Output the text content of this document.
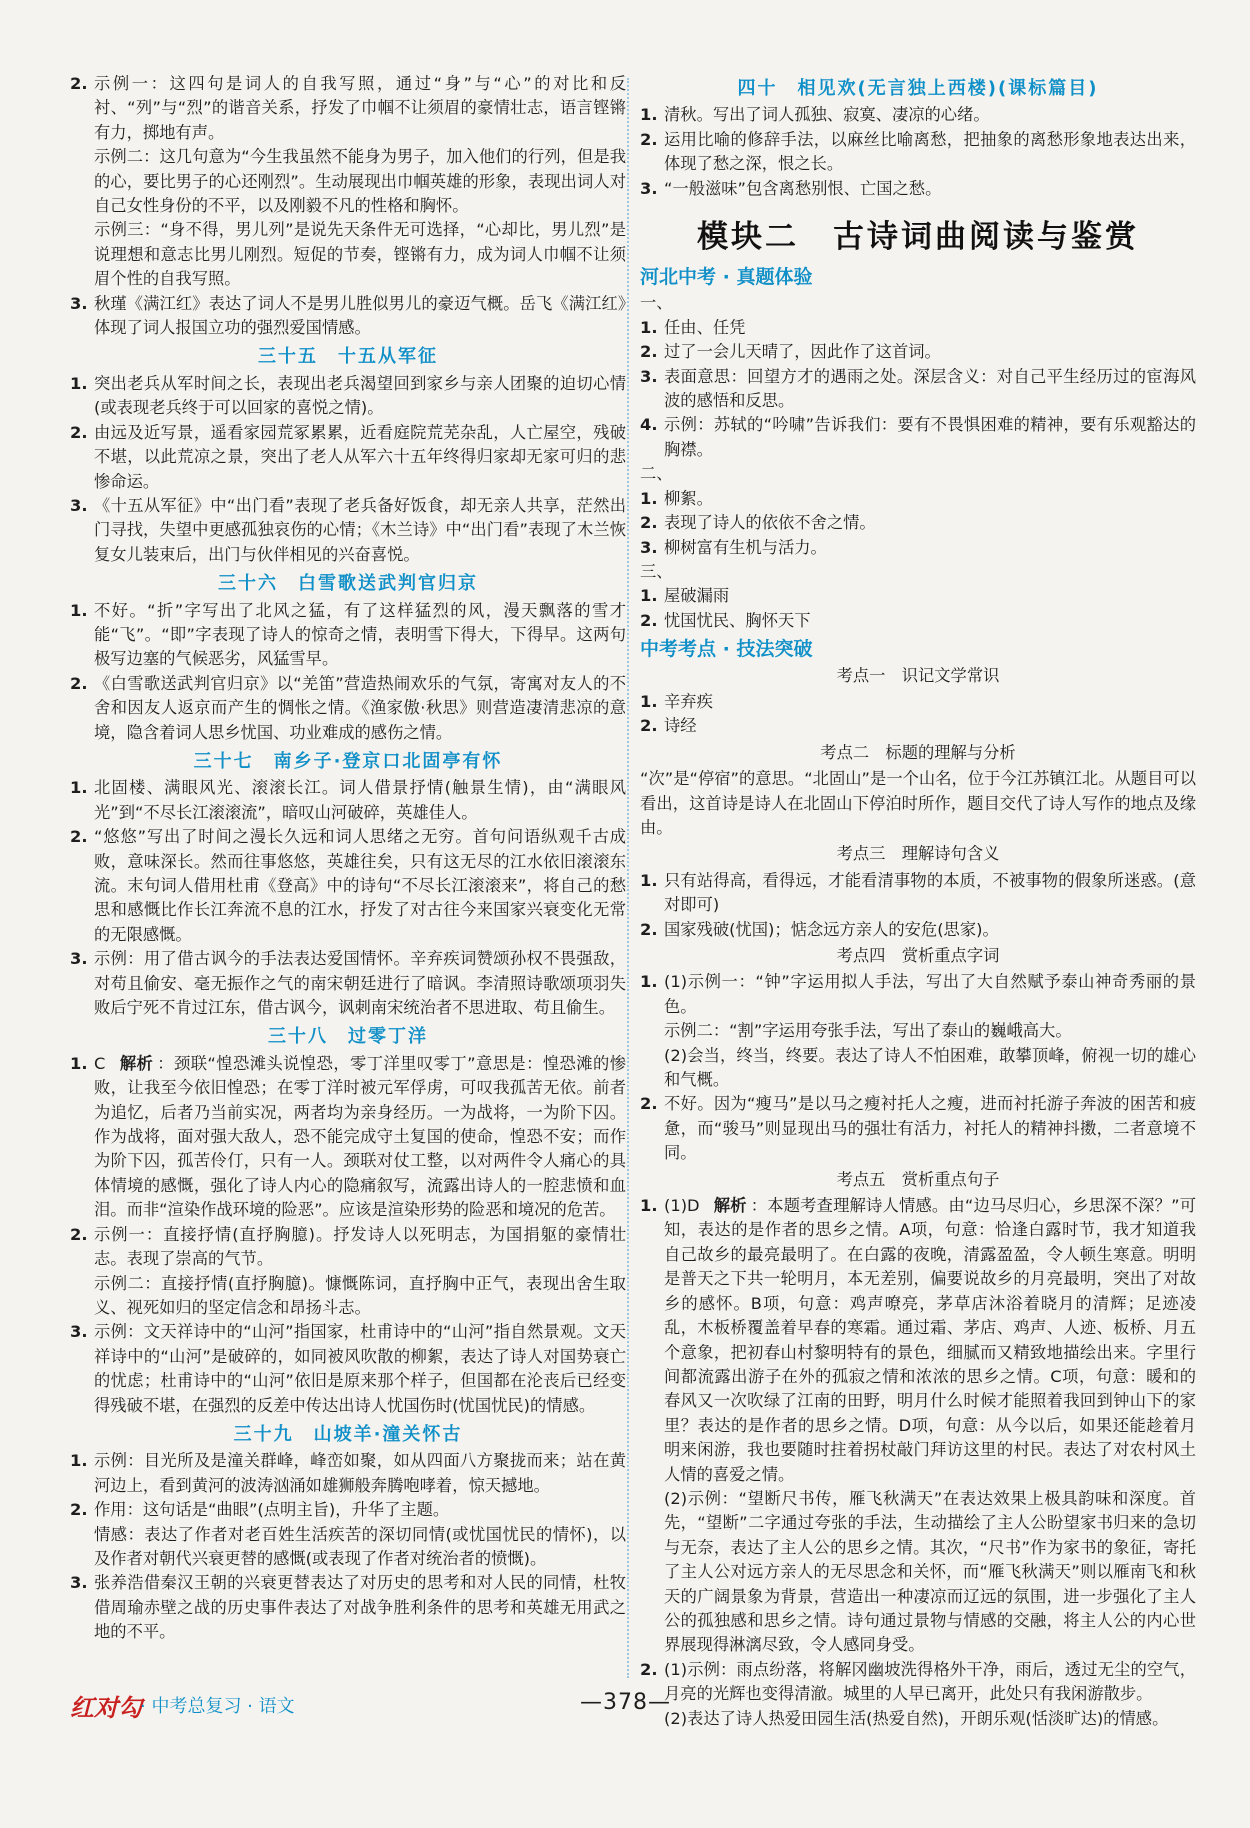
2. 示例一：这四句是词人的自我写照，通过“身”与“心”的对比和反衬、“列”与“烈”的谐音关系，抒发了巾帼不让须眉的豪情壮志，语言铿锵有力，掷地有声。
示例二：这几句意为“今生我虽然不能身为男子，加入他们的行列，但是我的心，要比男子的心还刚烈”。生动展现出巾帼英雄的形象，表现出词人对自己女性身份的不平，以及刚毅不凡的性格和胸怀。
示例三：“身不得，男儿列”是说先天条件无可选择，“心却比，男儿烈”是说理想和意志比男儿刚烈。短促的节奏，铿锵有力，成为词人巾帼不让须眉个性的自我写照。
3. 秋瑾《满江红》表达了词人不是男儿胜似男儿的豪迈气概。岳飞《满江红》体现了词人报国立功的强烈爱国情感。
三十五　十五从军征
1. 突出老兵从军时间之长，表现出老兵渴望回到家乡与亲人团聚的迫切心情(或表现老兵终于可以回家的喜悦之情)。
2. 由远及近写景，遥看家园荒冢累累，近看庭院荒芜杂乱，人亡屋空，残破不堪，以此荒凉之景，突出了老人从军六十五年终得归家却无家可归的悲惨命运。
3. 《十五从军征》中“出门看”表现了老兵备好饭食，却无亲人共享，茫然出门寻找，失望中更感孤独哀伤的心情；《木兰诗》中“出门看”表现了木兰恢复女儿装束后，出门与伙伴相见的兴奋喜悦。
三十六　白雪歌送武判官归京
1. 不好。“折”字写出了北风之猛，有了这样猛烈的风，漫天飘落的雪才能“飞”。“即”字表现了诗人的惊奇之情，表明雪下得大，下得早。这两句极写边塞的气候恶劣，风猛雪早。
2. 《白雪歌送武判官归京》以“羌笛”营造热闹欢乐的气氛，寄寓对友人的不舍和因友人返京而产生的惆怅之情。《渔家傲·秋思》则营造凄清悲凉的意境，隐含着词人思乡忧国、功业难成的感伤之情。
三十七　南乡子·登京口北固亭有怀
1. 北固楼、满眼风光、滚滚长江。词人借景抒情(触景生情)，由“满眼风光”到“不尽长江滚滚流”，暗叹山河破碎，英雄佳人。
2. “悠悠”写出了时间之漫长久远和词人思绪之无穷。首句问语纵观千古成败，意味深长。然而往事悠悠，英雄往矣，只有这无尽的江水依旧滚滚东流。末句词人借用杜甫《登高》中的诗句“不尽长江滚滚来”，将自己的愁思和感慨比作长江奔流不息的江水，抒发了对古往今来国家兴衰变化无常的无限感慨。
3. 示例：用了借古讽今的手法表达爱国情怀。辛弃疾词赞颂孙权不畏强敌，对苟且偷安、毫无振作之气的南宋朝廷进行了暗讽。李清照诗歌颂项羽失败后宁死不肯过江东，借古讽今，讽刺南宋统治者不思进取、苟且偷生。
三十八　过零丁洋
1. C 解析 ：颈联“惶恐滩头说惶恐，零丁洋里叹零丁”意思是：惶恐滩的惨败，让我至今依旧惶恐；在零丁洋时被元军俘虏，可叹我孤苦无依。前者为追忆，后者乃当前实况，两者均为亲身经历。一为战将，一为阶下囚。作为战将，面对强大敌人，恐不能完成守土复国的使命，惶恐不安；而作为阶下囚，孤苦伶仃，只有一人。颈联对仗工整，以对两件令人痛心的具体情境的感慨，强化了诗人内心的隐痛叙写，流露出诗人的一腔悲愤和血泪。而非“渲染作战环境的险恶”。应该是渲染形势的险恶和境况的危苦。
2. 示例一：直接抒情(直抒胸臆)。抒发诗人以死明志，为国捐躯的豪情壮志。表现了崇高的气节。
示例二：直接抒情(直抒胸臆)。慷慨陈词，直抒胸中正气，表现出舍生取义、视死如归的坚定信念和昂扬斗志。
3. 示例：文天祥诗中的“山河”指国家，杜甫诗中的“山河”指自然景观。文天祥诗中的“山河”是破碎的，如同被风吹散的柳絮，表达了诗人对国势衰亡的忧虑；杜甫诗中的“山河”依旧是原来那个样子，但国都在沦丧后已经变得残破不堪，在强烈的反差中传达出诗人忧国伤时(忧国忧民)的情感。
三十九　山坡羊·潼关怀古
1. 示例：目光所及是潼关群峰，峰峦如聚，如从四面八方聚拢而来；站在黄河边上，看到黄河的波涛汹涌如雄狮般奔腾咆哮着，惊天撼地。
2. 作用：这句话是“曲眼”(点明主旨)，升华了主题。
情感：表达了作者对老百姓生活疾苦的深切同情(或忧国忧民的情怀)，以及作者对朝代兴衰更替的感慨(或表现了作者对统治者的愤慨)。
3. 张养浩借秦汉王朝的兴衰更替表达了对历史的思考和对人民的同情，杜牧借周瑜赤壁之战的历史事件表达了对战争胜利条件的思考和英雄无用武之地的不平。
四十　相见欢(无言独上西楼)(课标篇目)
1. 清秋。写出了词人孤独、寂寞、凄凉的心绪。
2. 运用比喻的修辞手法，以麻丝比喻离愁，把抽象的离愁形象地表达出来，体现了愁之深，恨之长。
3. “一般滋味”包含离愁别恨、亡国之愁。
模块二　古诗词曲阅读与鉴赏
河北中考 · 真题体验
一、
1. 任由、任凭
2. 过了一会儿天晴了，因此作了这首词。
3. 表面意思：回望方才的遇雨之处。深层含义：对自己平生经历过的宦海风波的感悟和反思。
4. 示例：苏轼的“吟啸”告诉我们：要有不畏惧困难的精神，要有乐观豁达的胸襟。
二、
1. 柳絮。
2. 表现了诗人的依依不舍之情。
3. 柳树富有生机与活力。
三、
1. 屋破漏雨
2. 忧国忧民、胸怀天下
中考考点 · 技法突破
考点一　识记文学常识
1. 辛弃疾
2. 诗经
考点二　标题的理解与分析
“次”是“停宿”的意思。“北固山”是一个山名，位于今江苏镇江北。从题目可以看出，这首诗是诗人在北固山下停泊时所作，题目交代了诗人写作的地点及缘由。
考点三　理解诗句含义
1. 只有站得高，看得远，才能看清事物的本质，不被事物的假象所迷惑。(意对即可)
2. 国家残破(忧国)；惦念远方亲人的安危(思家)。
考点四　赏析重点字词
1. (1)示例一：“钟”字运用拟人手法，写出了大自然赋予泰山神奇秀丽的景色。
示例二：“割”字运用夸张手法，写出了泰山的巍峨高大。
(2)会当，终当，终要。表达了诗人不怕困难，敢攀顶峰，俯视一切的雄心和气概。
2. 不好。因为“瘦马”是以马之瘦衬托人之瘦，进而衬托游子奔波的困苦和疲惫，而“骏马”则显现出马的强壮有活力，衬托人的精神抖擞，二者意境不同。
考点五　赏析重点句子
1. (1)D 解析 ：本题考查理解诗人情感。由“边马尽归心，乡思深不深？”可知，表达的是作者的思乡之情。A项，句意：恰逢白露时节，我才知道我自己故乡的最亮最明了。在白露的夜晚，清露盈盈，令人顿生寒意。明明是普天之下共一轮明月，本无差别，偏要说故乡的月亮最明，突出了对故乡的感怀。B项，句意：鸡声嘹亮，茅草店沐浴着晓月的清辉；足迹凌乱，木板桥覆盖着早春的寒霜。通过霜、茅店、鸡声、人迹、板桥、月五个意象，把初春山村黎明特有的景色，细腻而又精致地描绘出来。字里行间都流露出游子在外的孤寂之情和浓浓的思乡之情。C项，句意：暖和的春风又一次吹绿了江南的田野，明月什么时候才能照着我回到钟山下的家里？表达的是作者的思乡之情。D项，句意：从今以后，如果还能趁着月明来闲游，我也要随时拄着拐杖敲门拜访这里的村民。表达了对农村风土人情的喜爱之情。
(2)示例：“望断尺书传，雁飞秋满天”在表达效果上极具韵味和深度。首先，“望断”二字通过夸张的手法，生动描绘了主人公盼望家书归来的急切与无奈，表达了主人公的思乡之情。其次，“尺书”作为家书的象征，寄托了主人公对远方亲人的无尽思念和关怀，而“雁飞秋满天”则以雁南飞和秋天的广阔景象为背景，营造出一种凄凉而辽远的氛围，进一步强化了主人公的孤独感和思乡之情。诗句通过景物与情感的交融，将主人公的内心世界展现得淋漓尽致，令人感同身受。
2. (1)示例：雨点纷落，将解冈幽坡洗得格外干净，雨后，透过无尘的空气，月亮的光辉也变得清澈。城里的人早已离开，此处只有我闲游散步。
(2)表达了诗人热爱田园生活(热爱自然)，开朗乐观(恬淡旷达)的情感。
红对勾
· 中考总复习 · 语文	—378—
